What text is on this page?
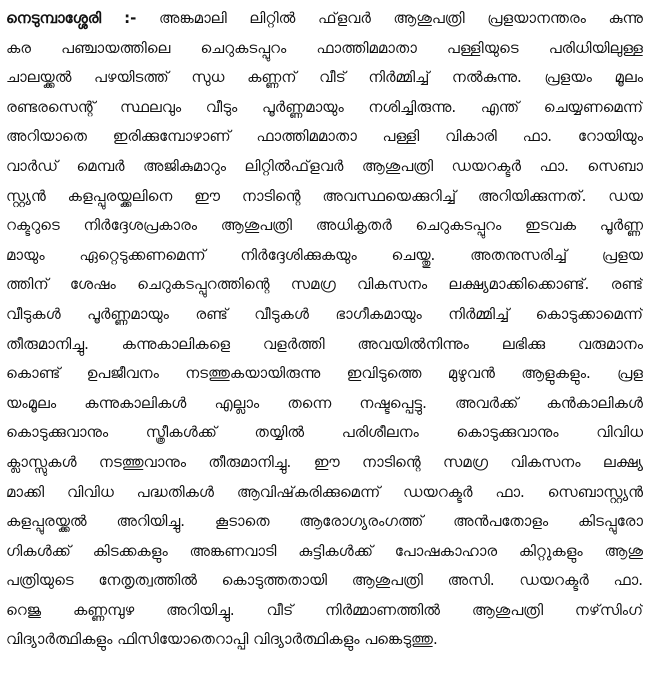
നെടുമ്പാശ്ശേരി :- അങ്കമാലി ലിറ്റില്‍ ഫ്‌ളവര്‍ ആശുപത്രി പ്രളയാനന്തരം കുന്നു
കര പഞ്ചായത്തിലെ ചെറുകടപ്പുറം ഫാത്തിമമാതാ പള്ളിയുടെ പരിധിയിലുള്ള
ചാലയ്ക്കല്‍ പഴയിടത്ത് സുധ കണ്ണന് വീട് നിര്‍മ്മിച്ച് നല്‍കുന്നു. പ്രളയം മൂലം
രണ്ടരസെന്റ് സ്ഥലവും വീടും പൂര്‍ണ്ണമായും നശിച്ചിരുന്നു. എന്ത് ചെയ്യണമെന്ന്
അറിയാതെ ഇരിക്കുമ്പോഴാണ് ഫാത്തിമമാതാ പള്ളി വികാരി ഫാ. റോയിയും
വാര്‍ഡ് മെമ്പര്‍ അജികുമാറും ലിറ്റില്‍ഫ്‌ളവര്‍ ആശുപത്രി ഡയറക്ടര്‍ ഫാ. സെബാ
സ്റ്റ്യന്‍ കളപ്പുരയ്ക്കലിനെ ഈ നാടിന്റെ അവസ്ഥയെക്കുറിച്ച് അറിയിക്കുന്നത്. ഡയ
റക്ടറുടെ നിര്‍ദ്ദേശപ്രകാരം ആശുപത്രി അധികൃതര്‍ ചെറുകടപ്പുറം ഇടവക പൂര്‍ണ്ണ
മായും ഏറ്റെടുക്കണമെന്ന് നിര്‍ദ്ദേശിക്കുകയും ചെയ്തു. അതനുസരിച്ച് പ്രളയ
ത്തിന് ശേഷം ചെറുകടപ്പുറത്തിന്റെ സമഗ്ര വികസനം ലക്ഷ്യമാക്കിക്കൊണ്ട്. രണ്ട്
വീടുകള്‍ പൂര്‍ണ്ണമായും രണ്ട് വീടുകള്‍ ഭാഗീകമായും നിര്‍മ്മിച്ച് കൊടുക്കാമെന്ന്
തീരുമാനിച്ചു. കന്നുകാലികളെ വളര്‍ത്തി അവയില്‍നിന്നും ലഭിക്കു വരുമാനം
കൊണ്ട് ഉപജീവനം നടത്തുകയായിരുന്നു ഇവിടുത്തെ മുഴുവന്‍ ആളുകളും. പ്രള
യംമൂലം കന്നുകാലികള്‍ എല്ലാം തന്നെ നഷ്ടപ്പെട്ടു. അവര്‍ക്ക് കന്‍കാലികള്‍
കൊടുക്കുവാനും സ്ത്രീകള്‍ക്ക് തയ്യില്‍ പരിശീലനം കൊടുക്കുവാനും വിവിധ
ക്ലാസ്സുകള്‍ നടത്തുവാനും തീരുമാനിച്ചു. ഈ നാടിന്റെ സമഗ്ര വികസനം ലക്ഷ്യ
മാക്കി വിവിധ പദ്ധതികള്‍ ആവിഷ്‌കരിക്കുമെന്ന് ഡയറക്ടര്‍ ഫാ. സെബാസ്റ്റ്യന്‍
കളപ്പുരയ്ക്കല്‍ അറിയിച്ചു. കൂടാതെ ആരോഗ്യരംഗത്ത് അന്‍പതോളം കിടപ്പുരോ
ഗികള്‍ക്ക് കിടക്കകളും അങ്കണവാടി കുട്ടികള്‍ക്ക് പോഷകാഹാര കിറ്റുകളും ആശു
പത്രിയുടെ നേതൃത്വത്തില്‍ കൊടുത്തതായി ആശുപത്രി അസി. ഡയറക്ടര്‍ ഫാ.
റെജു കണ്ണമ്പുഴ അറിയിച്ചു. വീട് നിര്‍മ്മാണത്തില്‍ ആശുപത്രി നഴ്‌സിംഗ്
വിദ്യാര്‍ത്ഥികളും ഫിസിയോതെറാപ്പി വിദ്യാര്‍ത്ഥികളും പങ്കെടുത്തു.
